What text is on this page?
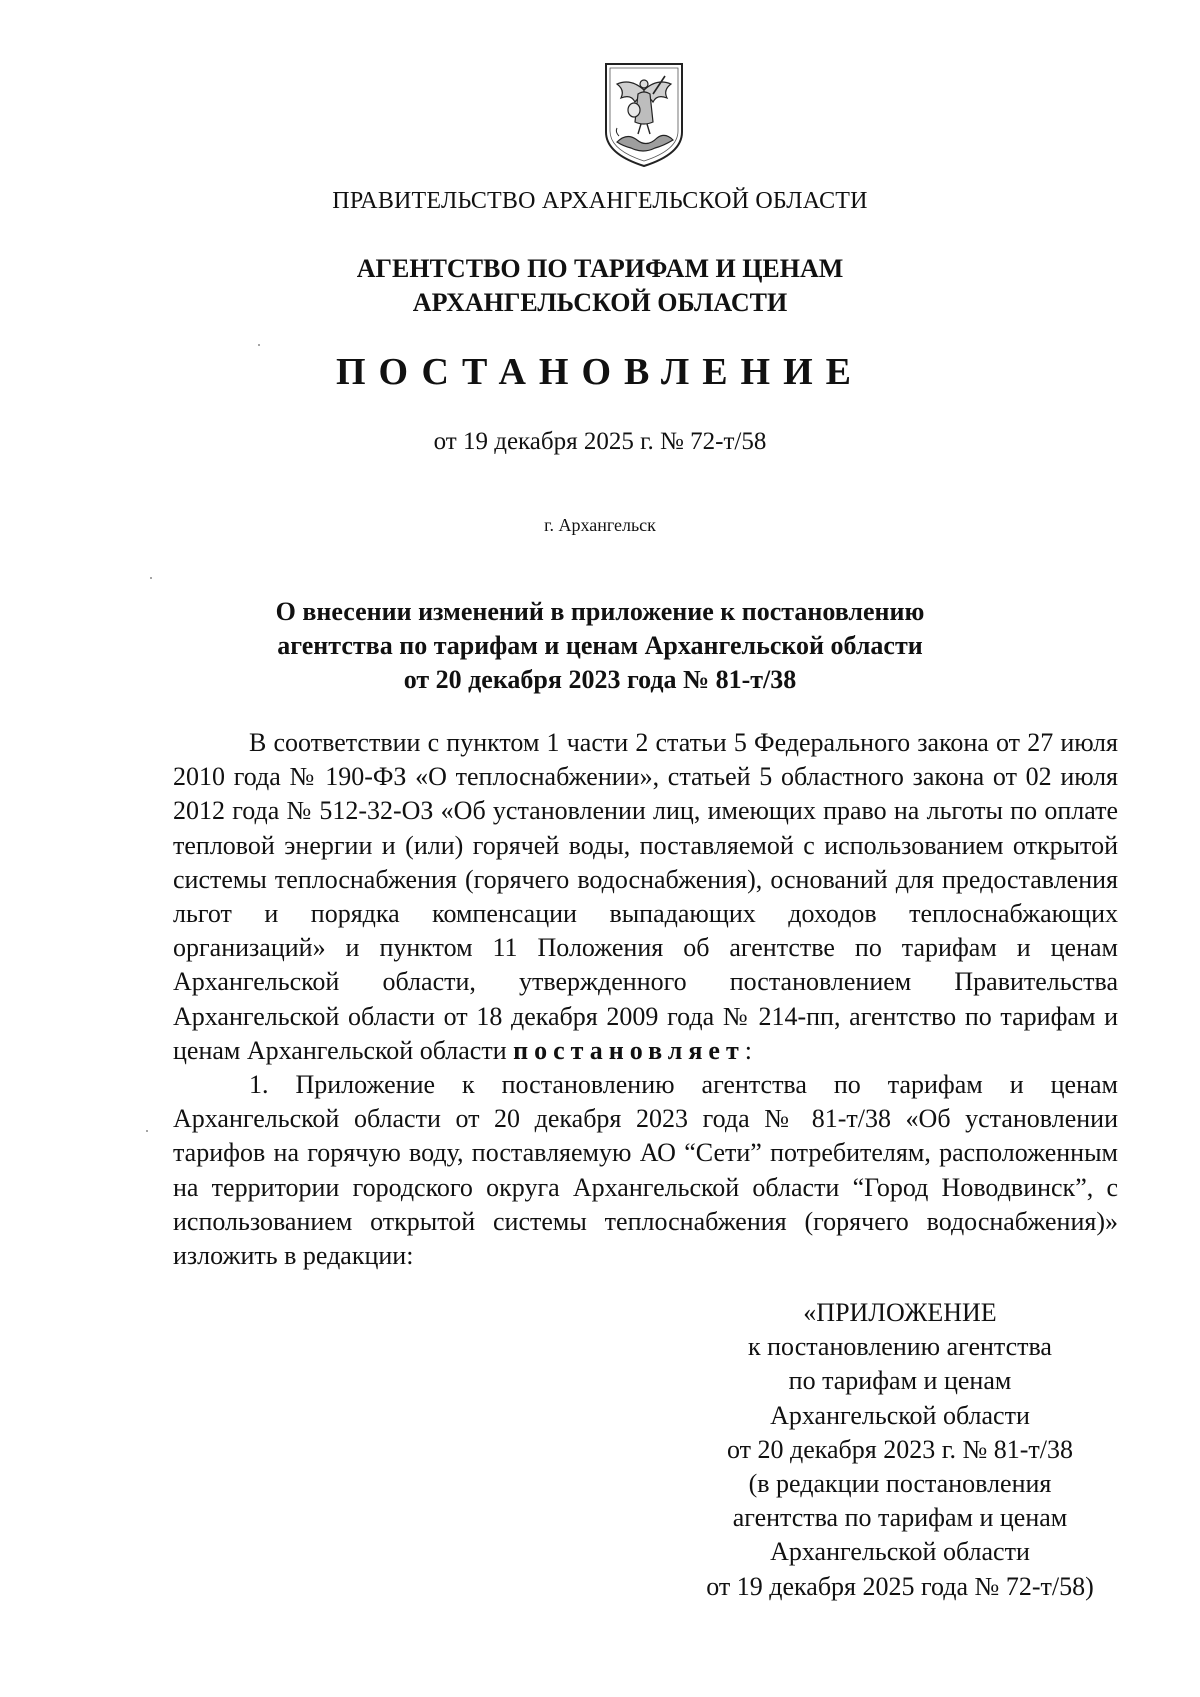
ПРАВИТЕЛЬСТВО АРХАНГЕЛЬСКОЙ ОБЛАСТИ
АГЕНТСТВО ПО ТАРИФАМ И ЦЕНАМ
АРХАНГЕЛЬСКОЙ ОБЛАСТИ
ПОСТАНОВЛЕНИЕ
от 19 декабря 2025 г. № 72-т/58
г. Архангельск
О внесении изменений в приложение к постановлению
агентства по тарифам и ценам Архангельской области
от 20 декабря 2023 года № 81-т/38

В соответствии с пунктом 1 части 2 статьи 5 Федерального закона от 27 июля 2010 года № 190-ФЗ «О теплоснабжении», статьей 5 областного закона от 02 июля 2012 года № 512-32-ОЗ «Об установлении лиц, имеющих право на льготы по оплате тепловой энергии и (или) горячей воды, поставляемой с использованием открытой системы теплоснабжения (горячего водоснабжения), оснований для предоставления льгот и порядка компенсации выпадающих доходов теплоснабжающих организаций» и пунктом 11 Положения об агентстве по тарифам и ценам Архангельской области, утвержденного постановлением Правительства Архангельской области от 18 декабря 2009 года № 214-пп, агентство по тарифам и ценам Архангельской области постановляет:

1. Приложение к постановлению агентства по тарифам и ценам Архангельской области от 20 декабря 2023 года № 81-т/38 «Об установлении тарифов на горячую воду, поставляемую АО “Сети” потребителям, расположенным на территории городского округа Архангельской области “Город Новодвинск”, с использованием открытой системы теплоснабжения (горячего водоснабжения)» изложить в редакции:

«ПРИЛОЖЕНИЕ
к постановлению агентства
по тарифам и ценам
Архангельской области
от 20 декабря 2023 г. № 81-т/38
(в редакции постановления
агентства по тарифам и ценам
Архангельской области
от 19 декабря 2025 года № 72-т/58)
